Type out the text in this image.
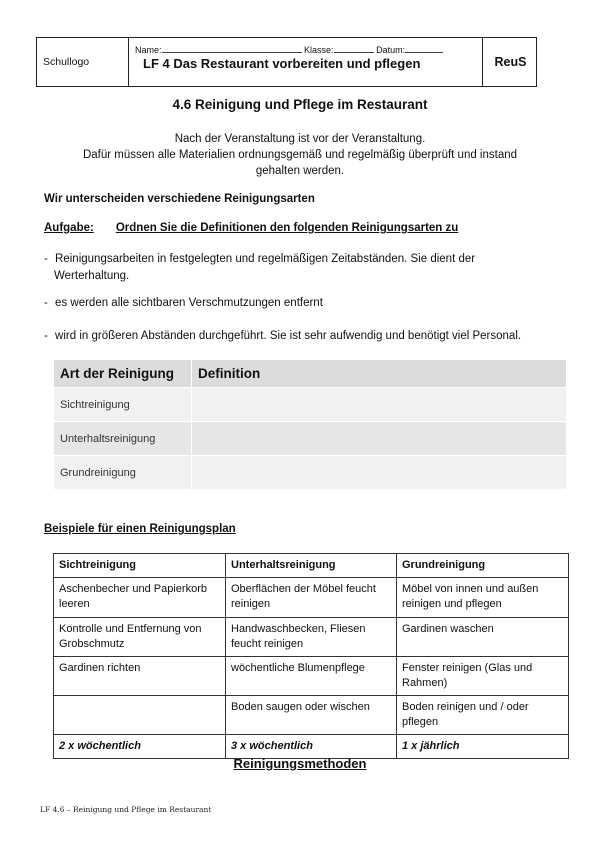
Schullogo
Name:	Klasse:	Datum:
LF 4 Das Restaurant vorbereiten und pflegen	ReuS
4.6 Reinigung und Pflege im Restaurant
Nach der Veranstaltung ist vor der Veranstaltung.
Dafür müssen alle Materialien ordnungsgemäß und regelmäßig überprüft und instand
gehalten werden.
Wir unterscheiden verschiedene Reinigungsarten
Aufgabe: Ordnen Sie die Definitionen den folgenden Reinigungsarten zu
- Reinigungsarbeiten in festgelegten und regelmäßigen Zeitabständen. Sie dient der
Werterhaltung.
- es werden alle sichtbaren Verschmutzungen entfernt
- wird in größeren Abständen durchgeführt. Sie ist sehr aufwendig und benötigt viel Personal.
Art der Reinigung	Definition
Sichtreinigung	
Unterhaltsreinigung	
Grundreinigung	
Beispiele für einen Reinigungsplan
Sichtreinigung	Unterhaltsreinigung	Grundreinigung
Aschenbecher und Papierkorb leeren	Oberflächen der Möbel feucht reinigen	Möbel von innen und außen reinigen und pflegen
Kontrolle und Entfernung von Grobschmutz	Handwaschbecken, Fliesen feucht reinigen	Gardinen waschen
Gardinen richten	wöchentliche Blumenpflege	Fenster reinigen (Glas und Rahmen)
	Boden saugen oder wischen	Boden reinigen und / oder pflegen
2 x wöchentlich	3 x wöchentlich	1 x jährlich
Reinigungsmethoden
LF 4.6 – Reinigung und Pflege im Restaurant
